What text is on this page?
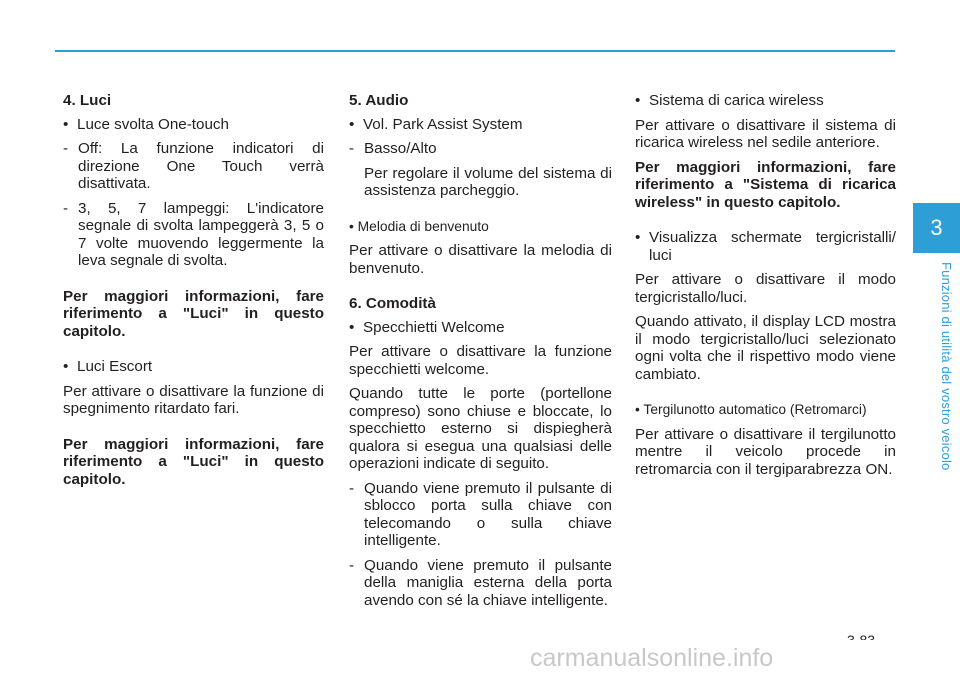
4. Luci

• Luce svolta One-touch

- Off: La funzione indicatori di direzione One Touch verrà disattivata.

- 3, 5, 7 lampeggi: L'indicatore segnale di svolta lampeggerà 3, 5 o 7 volte muovendo leggermente la leva segnale di svolta.

Per maggiori informazioni, fare riferimento a "Luci" in questo capitolo.

• Luci Escort

Per attivare o disattivare la funzione di spegnimento ritardato fari.

Per maggiori informazioni, fare riferimento a "Luci" in questo capitolo.

5. Audio

• Vol. Park Assist System

- Basso/Alto

Per regolare il volume del sistema di assistenza parcheggio.

• Melodia di benvenuto

Per attivare o disattivare la melodia di benvenuto.

6. Comodità

• Specchietti Welcome

Per attivare o disattivare la funzione specchietti welcome.

Quando tutte le porte (portellone compreso) sono chiuse e bloccate, lo specchietto esterno si dispiegherà qualora si esegua una qualsiasi delle operazioni indicate di seguito.

- Quando viene premuto il pulsante di sblocco porta sulla chiave con telecomando o sulla chiave intelligente.

- Quando viene premuto il pulsante della maniglia esterna della porta avendo con sé la chiave intelligente.

• Sistema di carica wireless

Per attivare o disattivare il sistema di ricarica wireless nel sedile anteriore.

Per maggiori informazioni, fare riferimento a "Sistema di ricarica wireless" in questo capitolo.

• Visualizza schermate tergicristalli/ luci

Per attivare o disattivare il modo tergicristallo/luci.

Quando attivato, il display LCD mostra il modo tergicristallo/luci selezionato ogni volta che il rispettivo modo viene cambiato.

• Tergilunotto automatico (Retromarci)

Per attivare o disattivare il tergilunotto mentre il veicolo procede in retromarcia con il tergiparabrezza ON.

3
Funzioni di utilità del vostro veicolo
carmanualsonline.info
